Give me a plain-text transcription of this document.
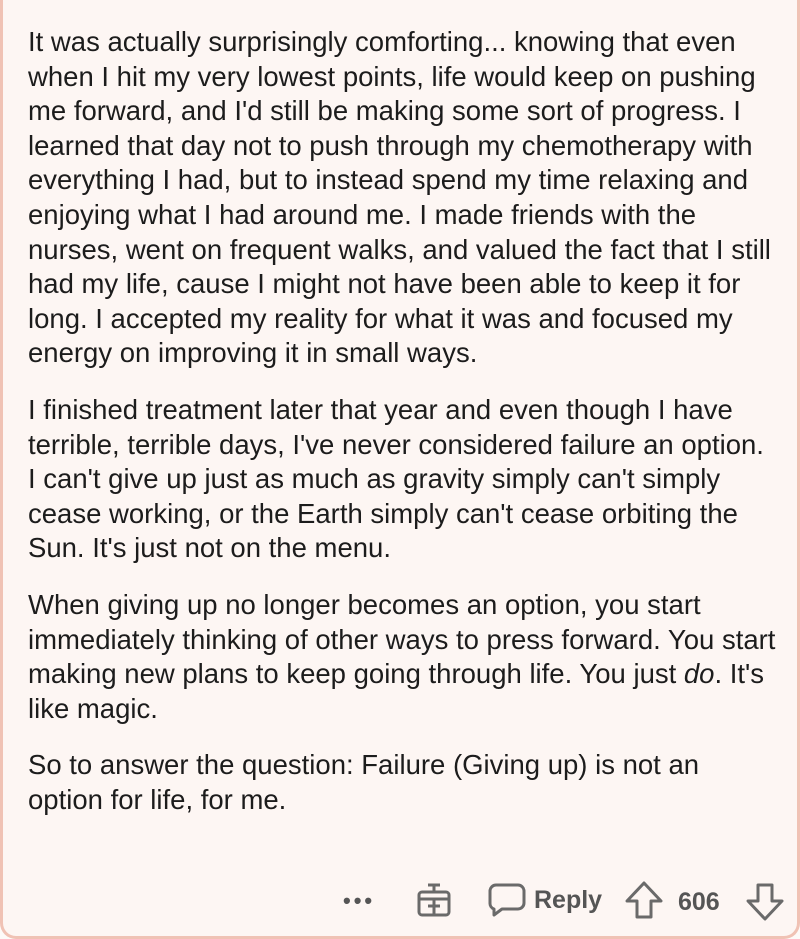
It was actually surprisingly comforting... knowing that even when I hit my very lowest points, life would keep on pushing me forward, and I'd still be making some sort of progress. I learned that day not to push through my chemotherapy with everything I had, but to instead spend my time relaxing and enjoying what I had around me. I made friends with the nurses, went on frequent walks, and valued the fact that I still had my life, cause I might not have been able to keep it for long. I accepted my reality for what it was and focused my energy on improving it in small ways.

I finished treatment later that year and even though I have terrible, terrible days, I've never considered failure an option. I can't give up just as much as gravity simply can't simply cease working, or the Earth simply can't cease orbiting the Sun. It's just not on the menu.

When giving up no longer becomes an option, you start immediately thinking of other ways to press forward. You start making new plans to keep going through life. You just do. It's like magic.

So to answer the question: Failure (Giving up) is not an option for life, for me.

•••	Reply	606
